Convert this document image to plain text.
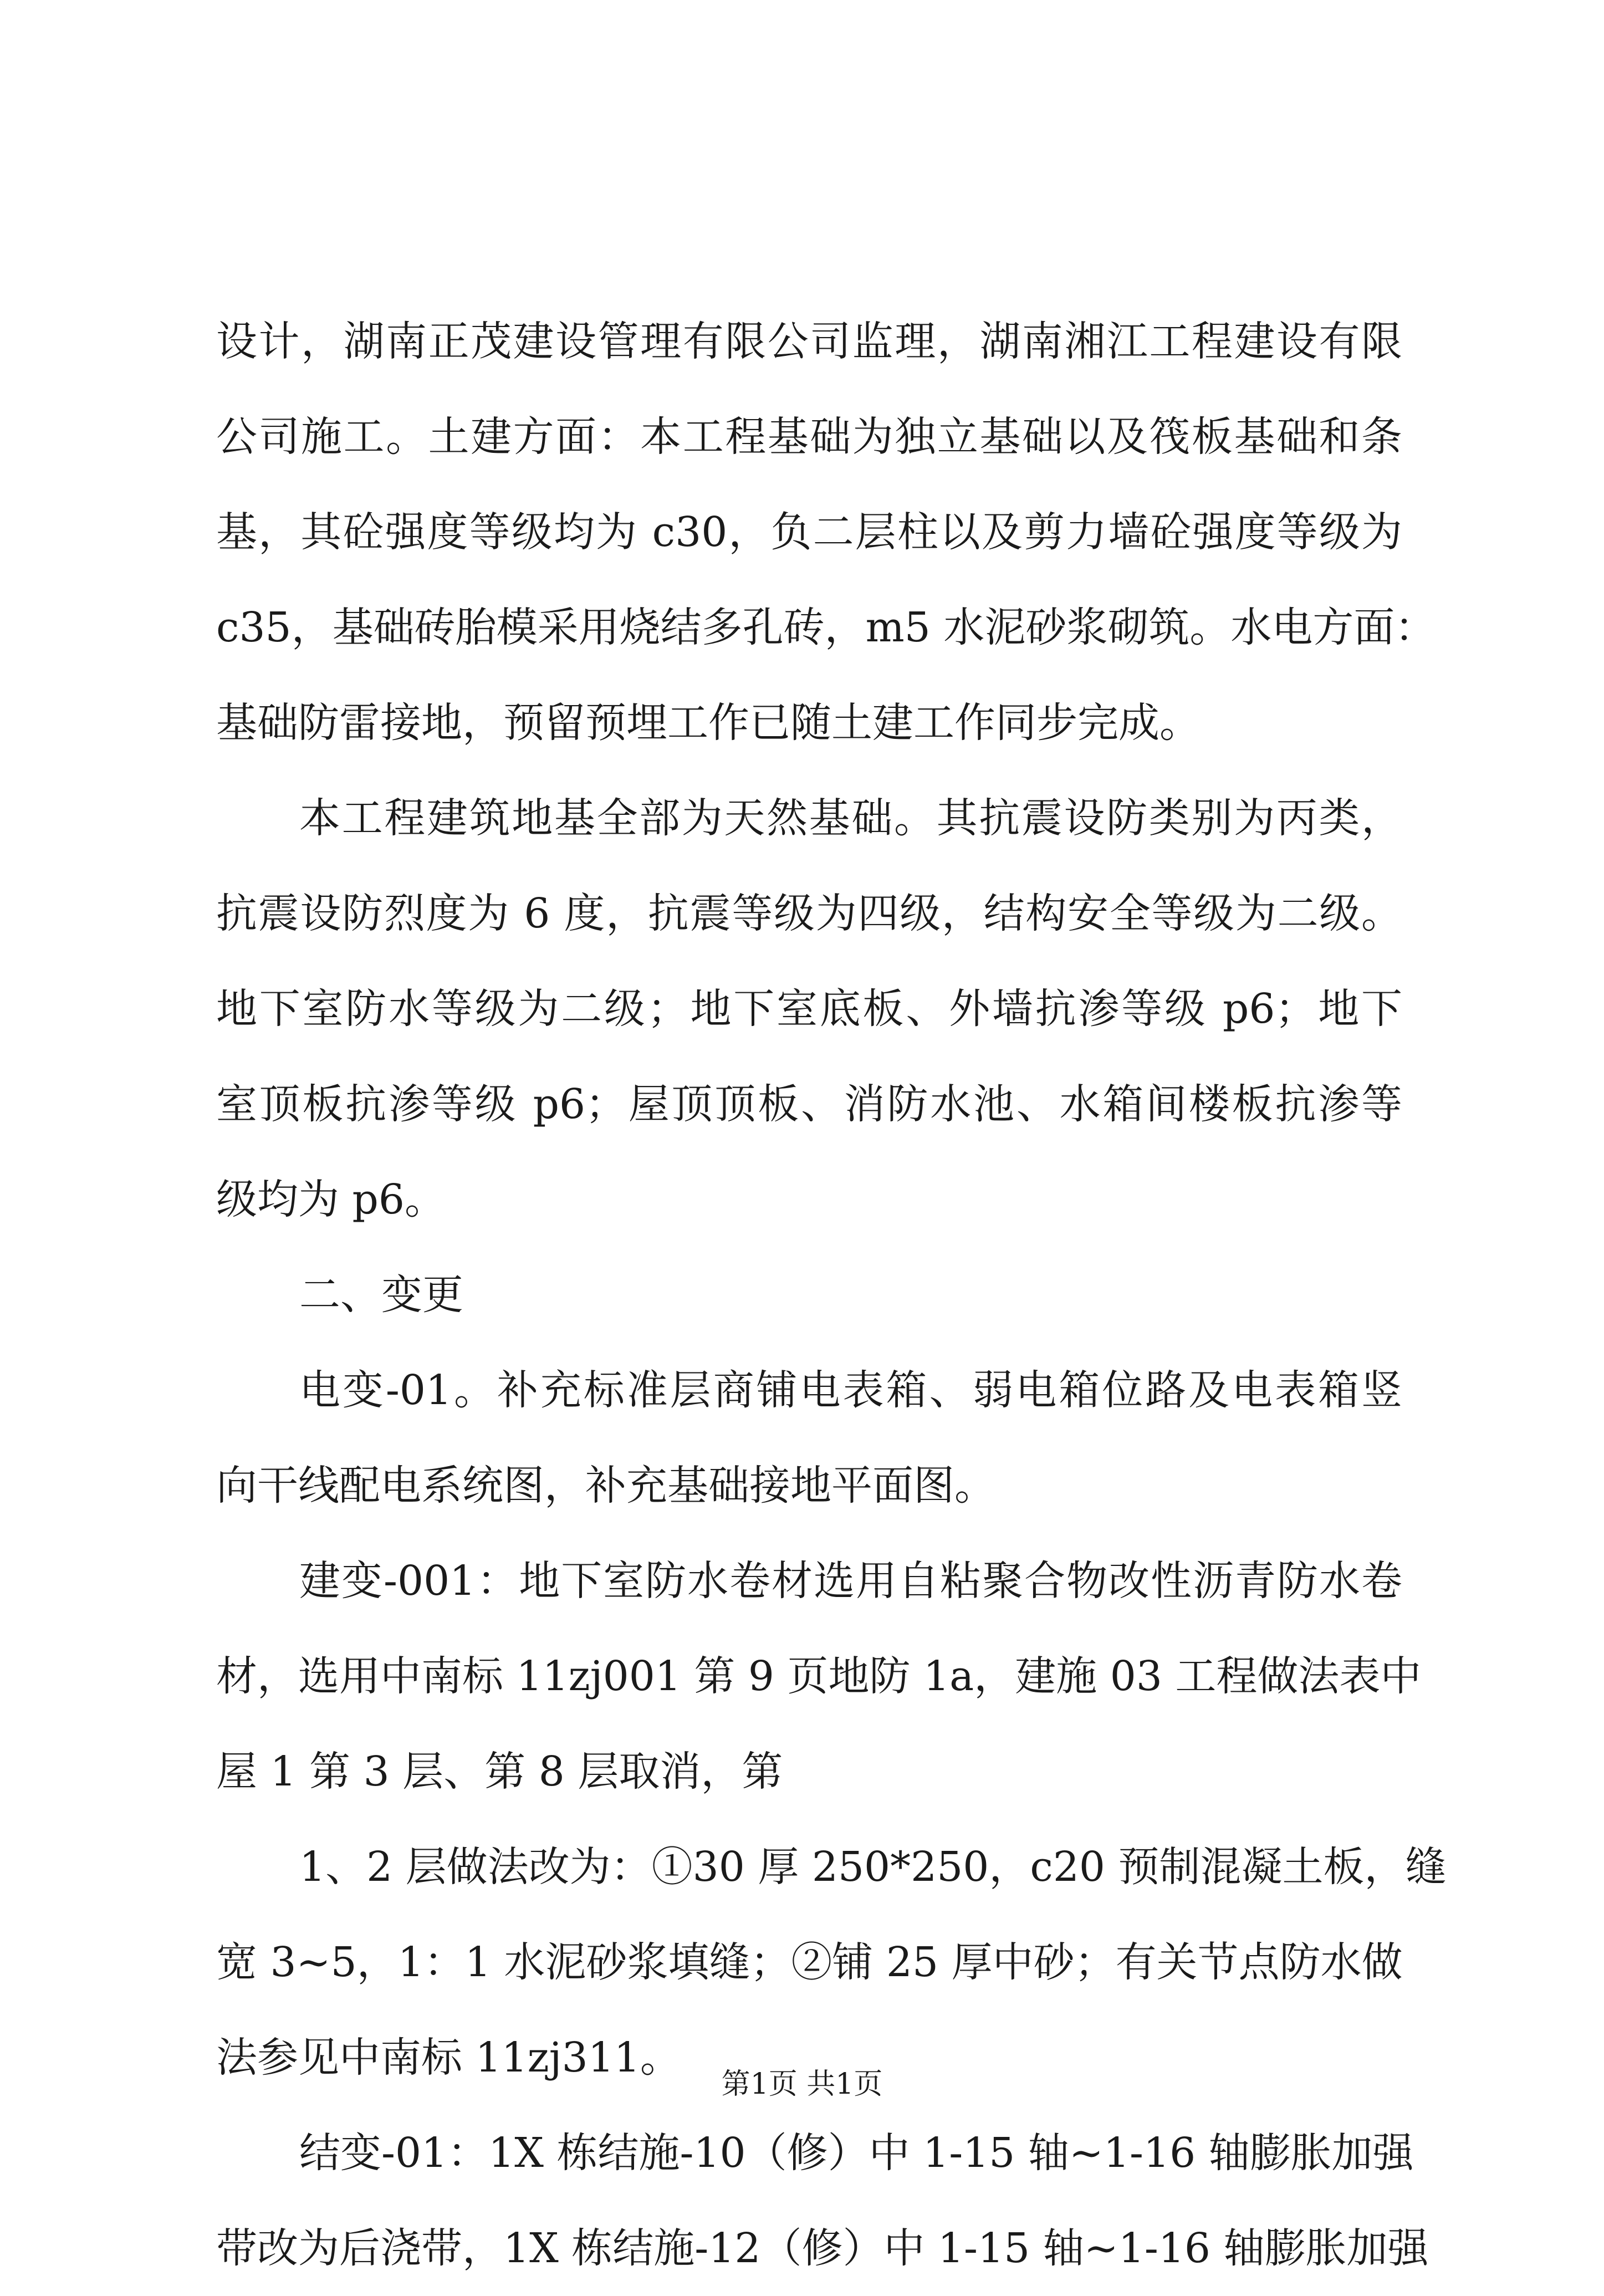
设计，湖南正茂建设管理有限公司监理，湖南湘江工程建设有限
公司施工。土建方面：本工程基础为独立基础以及筏板基础和条
基，其砼强度等级均为 c30，负二层柱以及剪力墙砼强度等级为
c35，基础砖胎模采用烧结多孔砖，m5 水泥砂浆砌筑。水电方面：
基础防雷接地，预留预埋工作已随土建工作同步完成。
本工程建筑地基全部为天然基础。其抗震设防类别为丙类，
抗震设防烈度为 6 度，抗震等级为四级，结构安全等级为二级。
地下室防水等级为二级；地下室底板、外墙抗渗等级 p6；地下
室顶板抗渗等级 p6；屋顶顶板、消防水池、水箱间楼板抗渗等
级均为 p6。
二、变更
电变-01。补充标准层商铺电表箱、弱电箱位路及电表箱竖
向干线配电系统图，补充基础接地平面图。
建变-001：地下室防水卷材选用自粘聚合物改性沥青防水卷
材，选用中南标 11zj001 第 9 页地防 1a，建施 03 工程做法表中
屋 1 第 3 层、第 8 层取消，第
1、2 层做法改为：①30 厚 250*250，c20 预制混凝土板，缝
宽 3~5，1：1 水泥砂浆填缝；②铺 25 厚中砂；有关节点防水做
法参见中南标 11zj311。
结变-01：1X 栋结施-10（修）中 1-15 轴~1-16 轴膨胀加强
带改为后浇带，1X 栋结施-12（修）中 1-15 轴~1-16 轴膨胀加强
第1页 共1页
